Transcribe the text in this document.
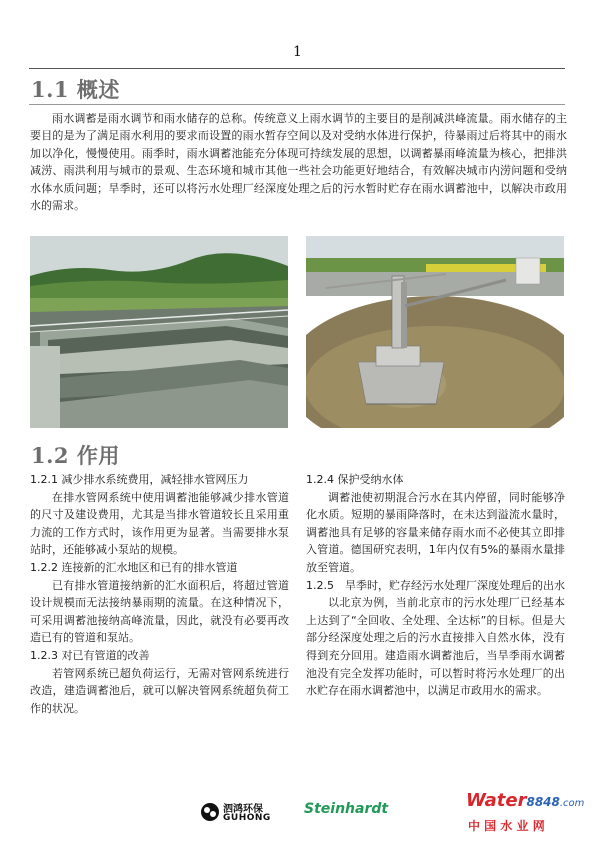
1
1.1 概述

雨水调蓄是雨水调节和雨水储存的总称。传统意义上雨水调节的主要目的是削减洪峰流量。雨水储存的主要目的是为了满足雨水利用的要求而设置的雨水暂存空间以及对受纳水体进行保护，待暴雨过后将其中的雨水加以净化，慢慢使用。雨季时，雨水调蓄池能充分体现可持续发展的思想，以调蓄暴雨峰流量为核心，把排洪减涝、雨洪利用与城市的景观、生态环境和城市其他一些社会功能更好地结合，有效解决城市内涝问题和受纳水体水质问题；旱季时，还可以将污水处理厂经深度处理之后的污水暂时贮存在雨水调蓄池中，以解决市政用水的需求。

1.2 作用

1.2.1 减少排水系统费用，减轻排水管网压力

在排水管网系统中使用调蓄池能够减少排水管道的尺寸及建设费用，尤其是当排水管道较长且采用重力流的工作方式时，该作用更为显著。当需要排水泵站时，还能够减小泵站的规模。

1.2.2 连接新的汇水地区和已有的排水管道

已有排水管道接纳新的汇水面积后，将超过管道设计规模而无法接纳暴雨期的流量。在这种情况下，可采用调蓄池接纳高峰流量，因此，就没有必要再改造已有的管道和泵站。

1.2.3 对已有管道的改善

若管网系统已超负荷运行，无需对管网系统进行改造，建造调蓄池后，就可以解决管网系统超负荷工作的状况。

1.2.4 保护受纳水体

调蓄池使初期混合污水在其内停留，同时能够净化水质。短期的暴雨降落时，在未达到溢流水量时，调蓄池具有足够的容量来储存雨水而不必使其立即排入管道。德国研究表明，1年内仅有5%的暴雨水量排放至管道。

1.2.5　旱季时，贮存经污水处理厂深度处理后的出水

以北京为例，当前北京市的污水处理厂已经基本上达到了“全回收、全处理、全达标”的目标。但是大部分经深度处理之后的污水直接排入自然水体，没有得到充分回用。建造雨水调蓄池后，当旱季雨水调蓄池没有完全发挥功能时，可以暂时将污水处理厂的出水贮存在雨水调蓄池中，以满足市政用水的需求。

泗鸿环保
GUHONG
Steinhardt	Water8848.com
中 国 水 业 网
